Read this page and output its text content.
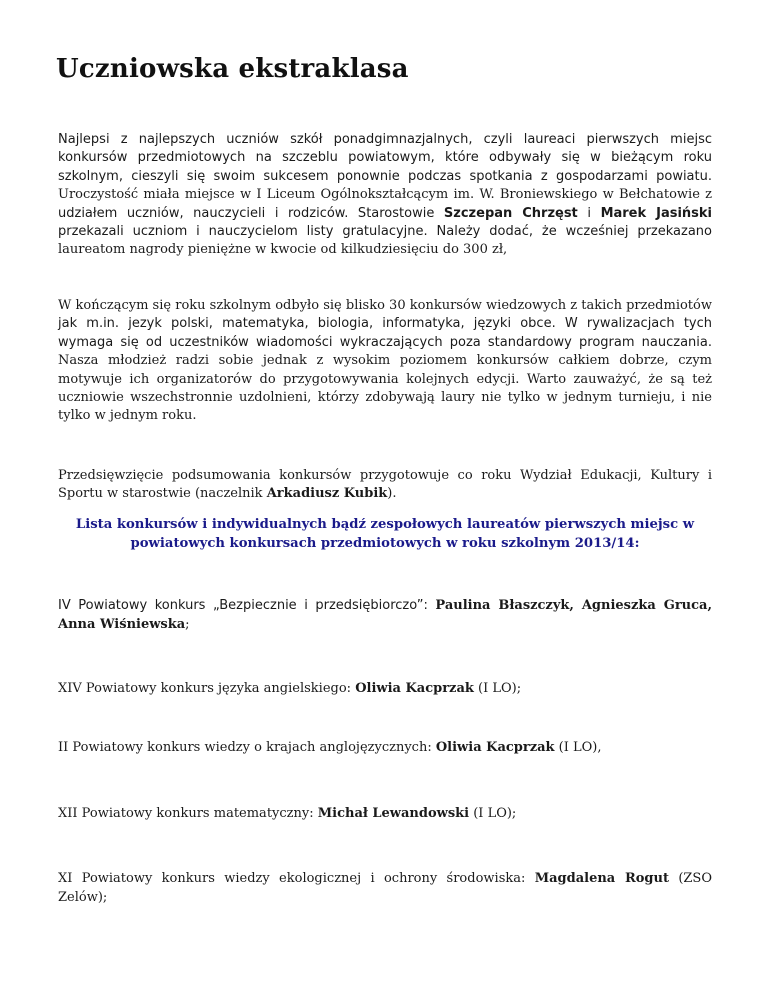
Uczniowska ekstraklasa

Najlepsi z najlepszych uczniów szkół ponadgimnazjalnych, czyli laureaci pierwszych miejsc konkursów przedmiotowych na szczeblu powiatowym, które odbywały się w bieżącym roku szkolnym, cieszyli się swoim sukcesem ponownie podczas spotkania z gospodarzami powiatu. Uroczystość miała miejsce w I Liceum Ogólnokształcącym im. W. Broniewskiego w Bełchatowie z udziałem uczniów, nauczycieli i rodziców. Starostowie Szczepan Chrzęst i Marek Jasiński przekazali uczniom i nauczycielom listy gratulacyjne. Należy dodać, że wcześniej przekazano laureatom nagrody pieniężne w kwocie od kilkudziesięciu do 300 zł,

W kończącym się roku szkolnym odbyło się blisko 30 konkursów wiedzowych z takich przedmiotów jak m.in. jezyk polski, matematyka, biologia, informatyka, języki obce. W rywalizacjach tych wymaga się od uczestników wiadomości wykraczających poza standardowy program nauczania. Nasza młodzież radzi sobie jednak z wysokim poziomem konkursów całkiem dobrze, czym motywuje ich organizatorów do przygotowywania kolejnych edycji. Warto zauważyć, że są też uczniowie wszechstronnie uzdolnieni, którzy zdobywają laury nie tylko w jednym turnieju, i nie tylko w jednym roku.

Przedsięwzięcie podsumowania konkursów przygotowuje co roku Wydział Edukacji, Kultury i Sportu w starostwie (naczelnik Arkadiusz Kubik).

Lista konkursów i indywidualnych bądź zespołowych laureatów pierwszych miejsc w powiatowych konkursach przedmiotowych w roku szkolnym 2013/14:

IV Powiatowy konkurs „Bezpiecznie i przedsiębiorczo”: Paulina Błaszczyk, Agnieszka Gruca, Anna Wiśniewska;

XIV Powiatowy konkurs języka angielskiego: Oliwia Kacprzak (I LO);

II Powiatowy konkurs wiedzy o krajach anglojęzycznych: Oliwia Kacprzak (I LO),

XII Powiatowy konkurs matematyczny: Michał Lewandowski (I LO);

XI Powiatowy konkurs wiedzy ekologicznej i ochrony środowiska: Magdalena Rogut (ZSO Zelów);
